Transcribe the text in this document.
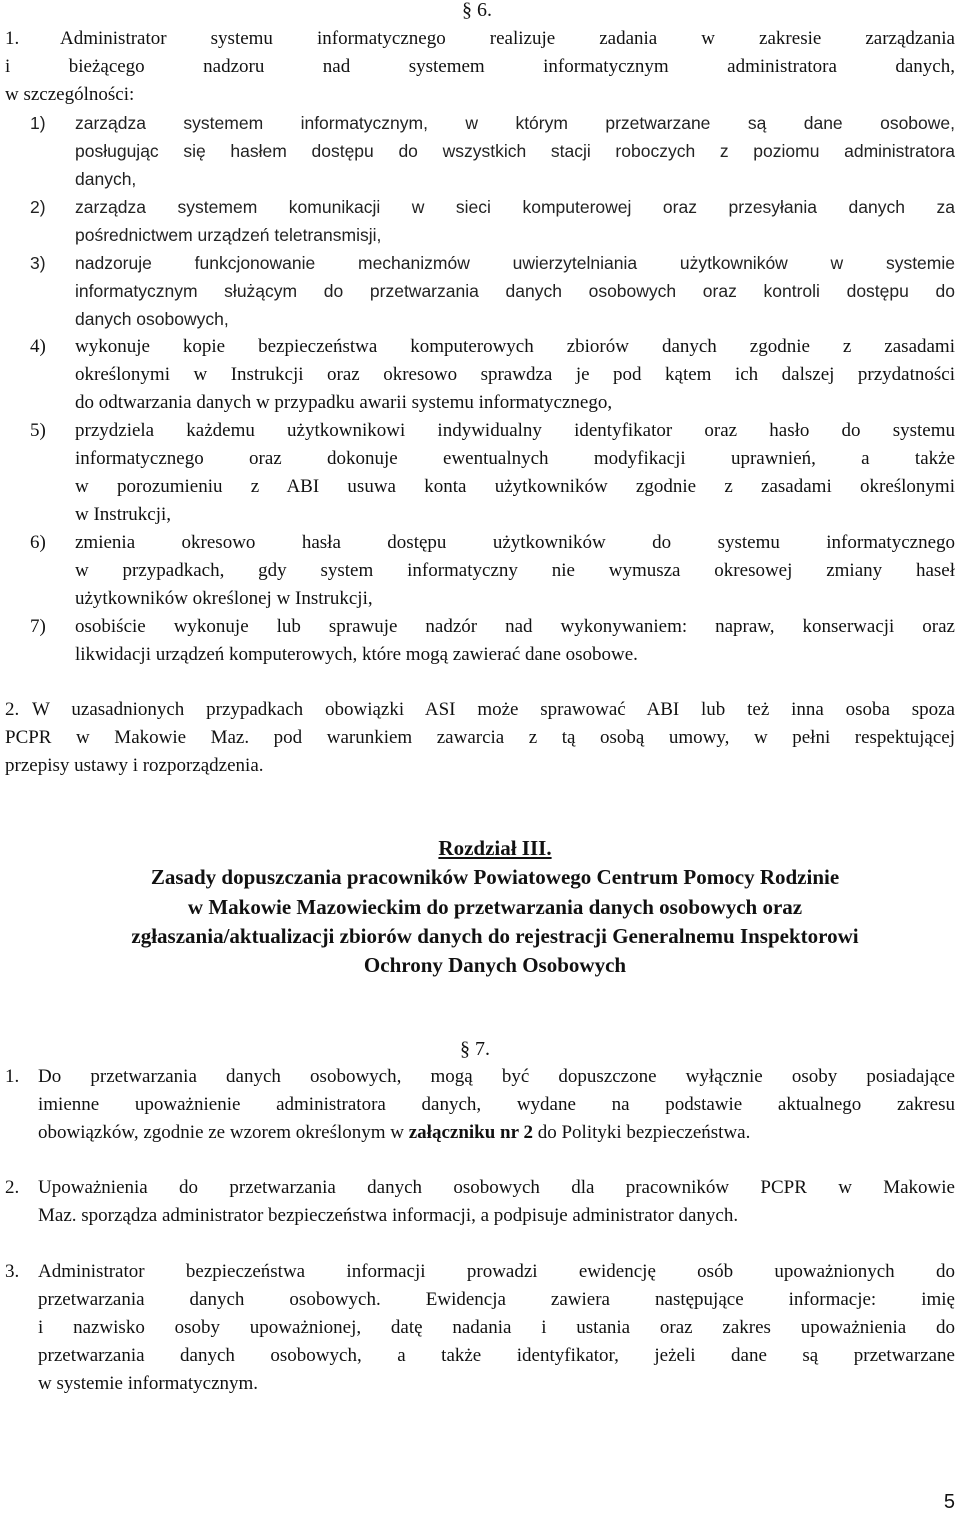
§ 6.
1. Administrator systemu informatycznego realizuje zadania w zakresie zarządzania
i bieżącego nadzoru nad systemem informatycznym administratora danych,
w szczególności:
1) zarządza systemem informatycznym, w którym przetwarzane są dane osobowe,
posługując się hasłem dostępu do wszystkich stacji roboczych z poziomu administratora
danych,
2) zarządza systemem komunikacji w sieci komputerowej oraz przesyłania danych za
pośrednictwem urządzeń teletransmisji,
3) nadzoruje funkcjonowanie mechanizmów uwierzytelniania użytkowników w systemie
informatycznym służącym do przetwarzania danych osobowych oraz kontroli dostępu do
danych osobowych,
4) wykonuje kopie bezpieczeństwa komputerowych zbiorów danych zgodnie z zasadami
określonymi w Instrukcji oraz okresowo sprawdza je pod kątem ich dalszej przydatności
do odtwarzania danych w przypadku awarii systemu informatycznego,
5) przydziela każdemu użytkownikowi indywidualny identyfikator oraz hasło do systemu
informatycznego oraz dokonuje ewentualnych modyfikacji uprawnień, a także
w porozumieniu z ABI usuwa konta użytkowników zgodnie z zasadami określonymi
w Instrukcji,
6) zmienia okresowo hasła dostępu użytkowników do systemu informatycznego
w przypadkach, gdy system informatyczny nie wymusza okresowej zmiany haseł
użytkowników określonej w Instrukcji,
7) osobiście wykonuje lub sprawuje nadzór nad wykonywaniem: napraw, konserwacji oraz
likwidacji urządzeń komputerowych, które mogą zawierać dane osobowe.
2. W uzasadnionych przypadkach obowiązki ASI może sprawować ABI lub też inna osoba spoza
PCPR w Makowie Maz. pod warunkiem zawarcia z tą osobą umowy, w pełni respektującej
przepisy ustawy i rozporządzenia.
Rozdział III.
Zasady dopuszczania pracowników Powiatowego Centrum Pomocy Rodzinie
w Makowie Mazowieckim do przetwarzania danych osobowych oraz
zgłaszania/aktualizacji zbiorów danych do rejestracji Generalnemu Inspektorowi
Ochrony Danych Osobowych
§ 7.
1. Do przetwarzania danych osobowych, mogą być dopuszczone wyłącznie osoby posiadające
imienne upoważnienie administratora danych, wydane na podstawie aktualnego zakresu
obowiązków, zgodnie ze wzorem określonym w załączniku nr 2 do Polityki bezpieczeństwa.
2. Upoważnienia do przetwarzania danych osobowych dla pracowników PCPR w Makowie
Maz. sporządza administrator bezpieczeństwa informacji, a podpisuje administrator danych.
3. Administrator bezpieczeństwa informacji prowadzi ewidencję osób upoważnionych do
przetwarzania danych osobowych. Ewidencja zawiera następujące informacje: imię
i nazwisko osoby upoważnionej, datę nadania i ustania oraz zakres upoważnienia do
przetwarzania danych osobowych, a także identyfikator, jeżeli dane są przetwarzane
w systemie informatycznym.
5
